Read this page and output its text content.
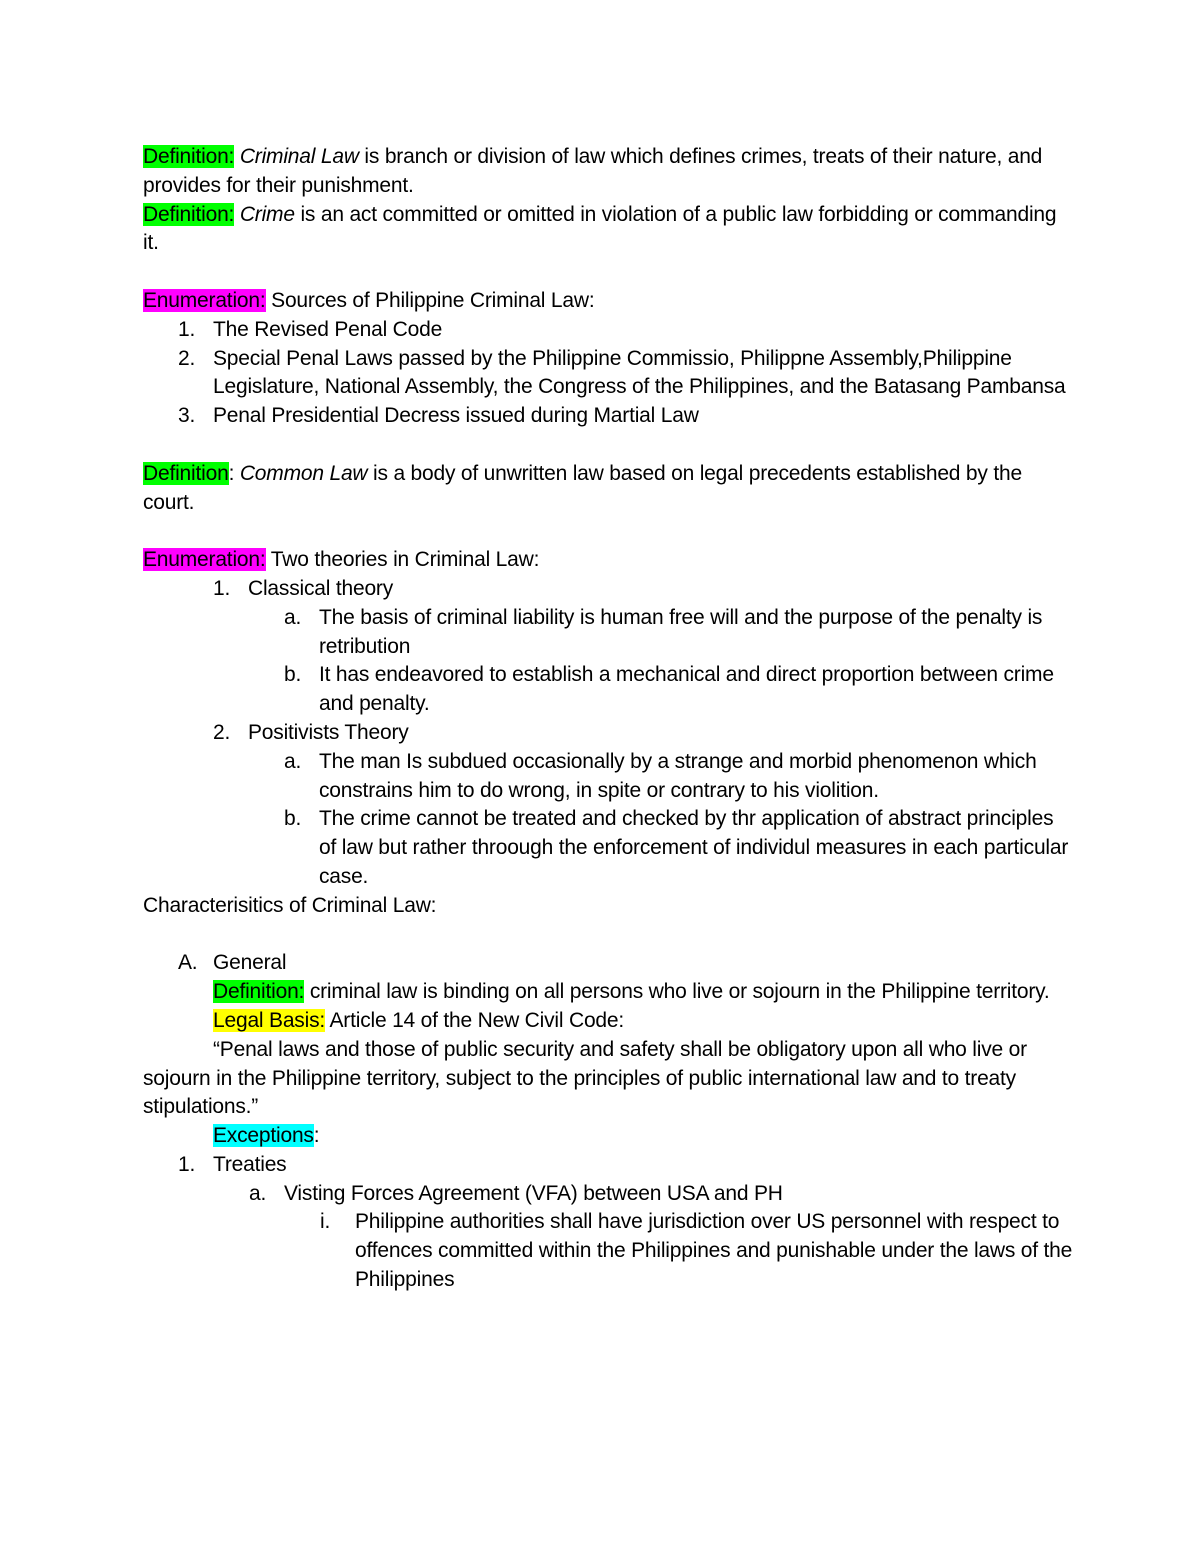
Definition: Criminal Law is branch or division of law which defines crimes, treats of their nature, and provides for their punishment.

Definition: Crime is an act committed or omitted in violation of a public law forbidding or commanding it.

Enumeration: Sources of Philippine Criminal Law:

1. The Revised Penal Code
2. Special Penal Laws passed by the Philippine Commissio, Philippne Assembly,Philippine Legislature, National Assembly, the Congress of the Philippines, and the Batasang Pambansa
3. Penal Presidential Decress issued during Martial Law

Definition: Common Law is a body of unwritten law based on legal precedents established by the court.

Enumeration: Two theories in Criminal Law:

1. Classical theory
a. The basis of criminal liability is human free will and the purpose of the penalty is retribution
b. It has endeavored to establish a mechanical and direct proportion between crime and penalty.
2. Positivists Theory
a. The man Is subdued occasionally by a strange and morbid phenomenon which constrains him to do wrong, in spite or contrary to his violition.
b. The crime cannot be treated and checked by thr application of abstract principles of law but rather throough the enforcement of individul measures in each particular case.

Characterisitics of Criminal Law:

A. General

Definition: criminal law is binding on all persons who live or sojourn in the Philippine territory.

Legal Basis: Article 14 of the New Civil Code:

“Penal laws and those of public security and safety shall be obligatory upon all who live or sojourn in the Philippine territory, subject to the principles of public international law and to treaty stipulations.”

Exceptions:

1. Treaties
a. Visting Forces Agreement (VFA) between USA and PH
i.	Philippine authorities shall have jurisdiction over US personnel with respect to offences committed within the Philippines and punishable under the laws of the Philippines
